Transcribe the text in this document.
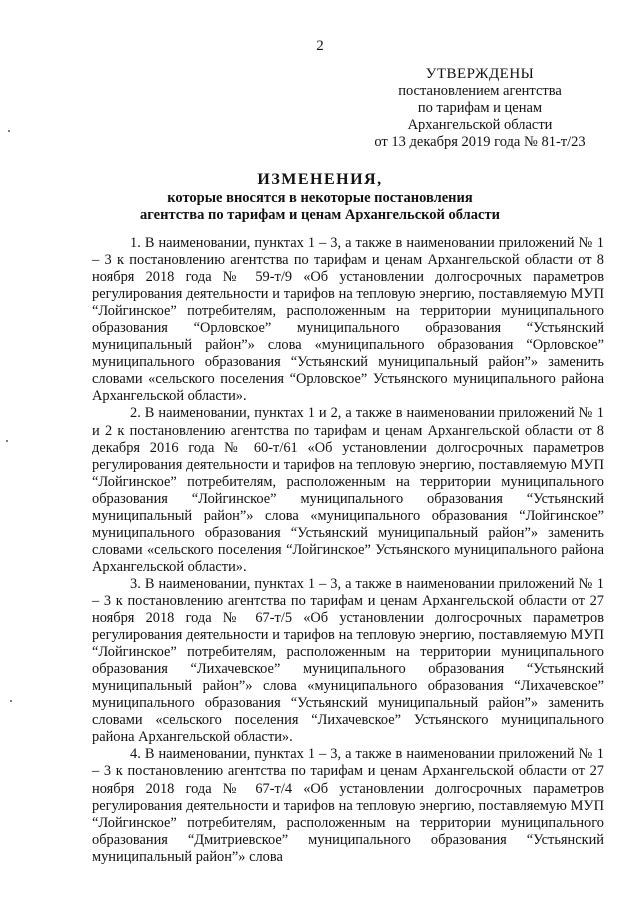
2
УТВЕРЖДЕНЫ
постановлением агентства
по тарифам и ценам
Архангельской области
от 13 декабря 2019 года № 81-т/23
ИЗМЕНЕНИЯ,
которые вносятся в некоторые постановления
агентства по тарифам и ценам Архангельской области

1. В наименовании, пунктах 1 – 3, а также в наименовании приложений № 1 – 3 к постановлению агентства по тарифам и ценам Архангельской области от 8 ноября 2018 года № 59-т/9 «Об установлении долгосрочных параметров регулирования деятельности и тарифов на тепловую энергию, поставляемую МУП “Лойгинское” потребителям, расположенным на территории муниципального образования “Орловское” муниципального образования “Устьянский муниципальный район”» слова «муниципального образования “Орловское” муниципального образования “Устьянский муниципальный район”» заменить словами «сельского поселения “Орловское” Устьянского муниципального района Архангельской области».

2. В наименовании, пунктах 1 и 2, а также в наименовании приложений № 1 и 2 к постановлению агентства по тарифам и ценам Архангельской области от 8 декабря 2016 года № 60-т/61 «Об установлении долгосрочных параметров регулирования деятельности и тарифов на тепловую энергию, поставляемую МУП “Лойгинское” потребителям, расположенным на территории муниципального образования “Лойгинское” муниципального образования “Устьянский муниципальный район”» слова «муниципального образования “Лойгинское” муниципального образования “Устьянский муниципальный район”» заменить словами «сельского поселения “Лойгинское” Устьянского муниципального района Архангельской области».

3. В наименовании, пунктах 1 – 3, а также в наименовании приложений № 1 – 3 к постановлению агентства по тарифам и ценам Архангельской области от 27 ноября 2018 года № 67-т/5 «Об установлении долгосрочных параметров регулирования деятельности и тарифов на тепловую энергию, поставляемую МУП “Лойгинское” потребителям, расположенным на территории муниципального образования “Лихачевское” муниципального образования “Устьянский муниципальный район”» слова «муниципального образования “Лихачевское” муниципального образования “Устьянский муниципальный район”» заменить словами «сельского поселения “Лихачевское” Устьянского муниципального района Архангельской области».

4. В наименовании, пунктах 1 – 3, а также в наименовании приложений № 1 – 3 к постановлению агентства по тарифам и ценам Архангельской области от 27 ноября 2018 года № 67-т/4 «Об установлении долгосрочных параметров регулирования деятельности и тарифов на тепловую энергию, поставляемую МУП “Лойгинское” потребителям, расположенным на территории муниципального образования “Дмитриевское” муниципального образования “Устьянский муниципальный район”» слова
